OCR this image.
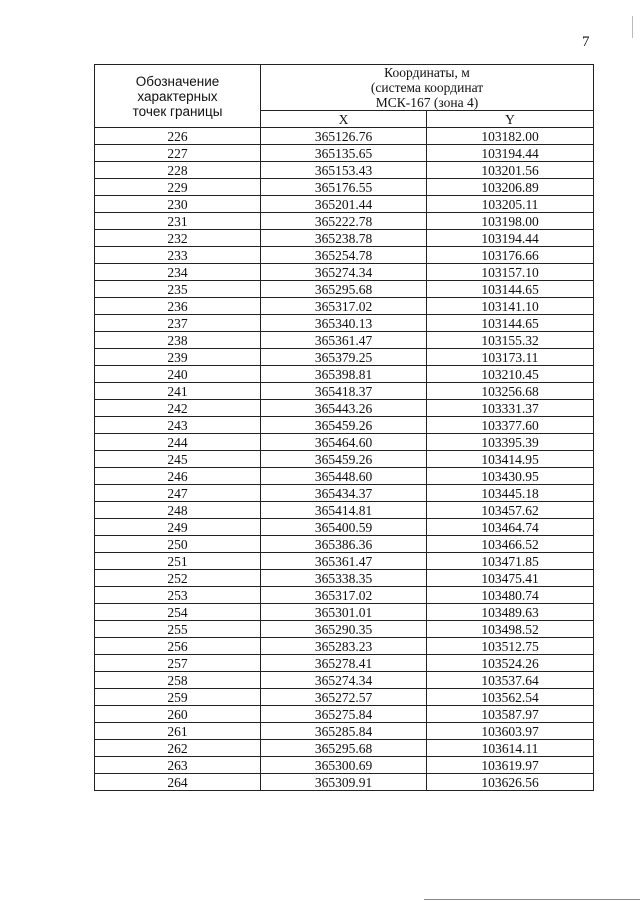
7
Обозначение
характерных
точек границы	Координаты, м
(система координат
МСК-167 (зона 4)	
	X	Y
226	365126.76	103182.00
227	365135.65	103194.44
228	365153.43	103201.56
229	365176.55	103206.89
230	365201.44	103205.11
231	365222.78	103198.00
232	365238.78	103194.44
233	365254.78	103176.66
234	365274.34	103157.10
235	365295.68	103144.65
236	365317.02	103141.10
237	365340.13	103144.65
238	365361.47	103155.32
239	365379.25	103173.11
240	365398.81	103210.45
241	365418.37	103256.68
242	365443.26	103331.37
243	365459.26	103377.60
244	365464.60	103395.39
245	365459.26	103414.95
246	365448.60	103430.95
247	365434.37	103445.18
248	365414.81	103457.62
249	365400.59	103464.74
250	365386.36	103466.52
251	365361.47	103471.85
252	365338.35	103475.41
253	365317.02	103480.74
254	365301.01	103489.63
255	365290.35	103498.52
256	365283.23	103512.75
257	365278.41	103524.26
258	365274.34	103537.64
259	365272.57	103562.54
260	365275.84	103587.97
261	365285.84	103603.97
262	365295.68	103614.11
263	365300.69	103619.97
264	365309.91	103626.56
